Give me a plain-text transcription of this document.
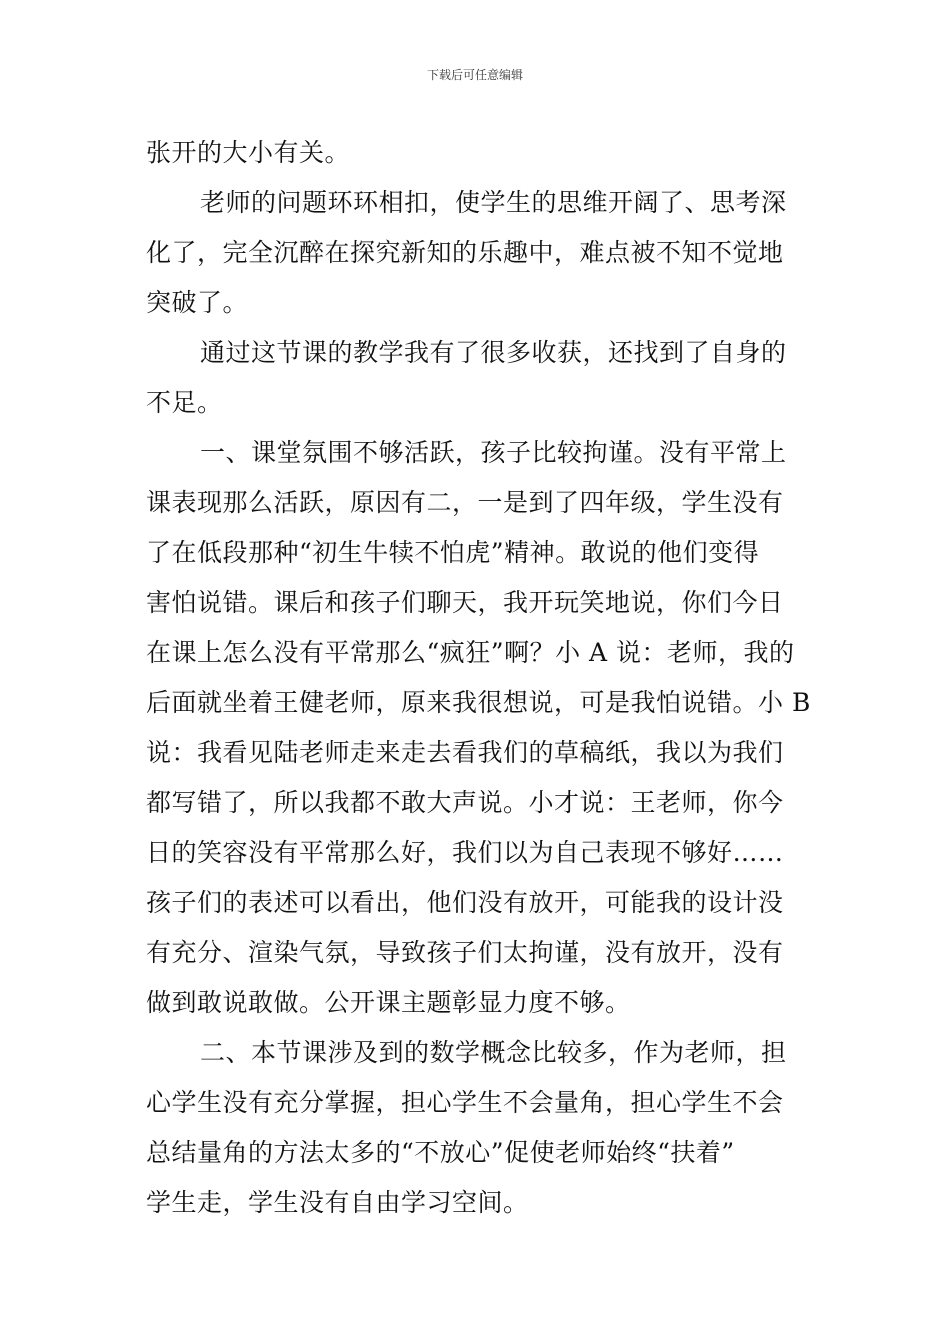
下载后可任意编辑
张开的大小有关。
老师的问题环环相扣，使学生的思维开阔了、思考深
化了，完全沉醉在探究新知的乐趣中，难点被不知不觉地
突破了。
通过这节课的教学我有了很多收获，还找到了自身的
不足。
一、课堂氛围不够活跃，孩子比较拘谨。没有平常上
课表现那么活跃，原因有二，一是到了四年级，学生没有
了在低段那种“初生牛犊不怕虎”精神。敢说的他们变得
害怕说错。课后和孩子们聊天，我开玩笑地说，你们今日
在课上怎么没有平常那么“疯狂”啊？小 A 说：老师，我的
后面就坐着王健老师，原来我很想说，可是我怕说错。小 B
说：我看见陆老师走来走去看我们的草稿纸，我以为我们
都写错了，所以我都不敢大声说。小才说：王老师，你今
日的笑容没有平常那么好，我们以为自己表现不够好……
孩子们的表述可以看出，他们没有放开，可能我的设计没
有充分、渲染气氛，导致孩子们太拘谨，没有放开，没有
做到敢说敢做。公开课主题彰显力度不够。
二、本节课涉及到的数学概念比较多，作为老师，担
心学生没有充分掌握，担心学生不会量角，担心学生不会
总结量角的方法太多的“不放心”促使老师始终“扶着”
学生走，学生没有自由学习空间。
